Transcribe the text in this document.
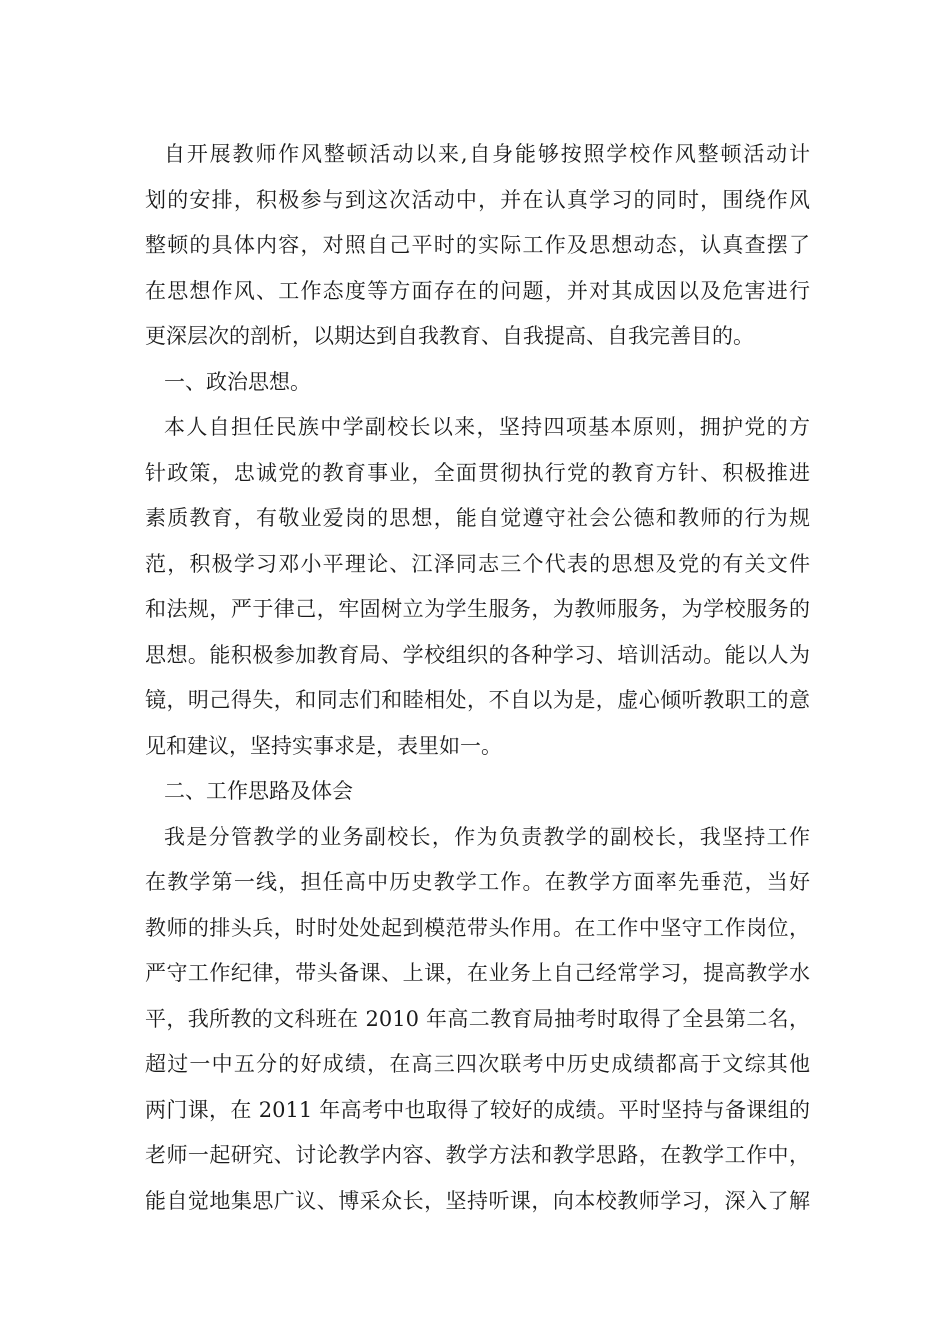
自开展教师作风整顿活动以来,自身能够按照学校作风整顿活动计
划的安排，积极参与到这次活动中，并在认真学习的同时，围绕作风
整顿的具体内容，对照自己平时的实际工作及思想动态，认真查摆了
在思想作风、工作态度等方面存在的问题，并对其成因以及危害进行
更深层次的剖析，以期达到自我教育、自我提高、自我完善目的。
一、政治思想。
本人自担任民族中学副校长以来，坚持四项基本原则，拥护党的方
针政策，忠诚党的教育事业，全面贯彻执行党的教育方针、积极推进
素质教育，有敬业爱岗的思想，能自觉遵守社会公德和教师的行为规
范，积极学习邓小平理论、江泽同志三个代表的思想及党的有关文件
和法规，严于律己，牢固树立为学生服务，为教师服务，为学校服务的
思想。能积极参加教育局、学校组织的各种学习、培训活动。能以人为
镜，明己得失，和同志们和睦相处，不自以为是，虚心倾听教职工的意
见和建议，坚持实事求是，表里如一。
二、工作思路及体会
我是分管教学的业务副校长，作为负责教学的副校长，我坚持工作
在教学第一线，担任高中历史教学工作。在教学方面率先垂范，当好
教师的排头兵，时时处处起到模范带头作用。在工作中坚守工作岗位，
严守工作纪律，带头备课、上课，在业务上自己经常学习，提高教学水
平，我所教的文科班在 2010 年高二教育局抽考时取得了全县第二名，
超过一中五分的好成绩，在高三四次联考中历史成绩都高于文综其他
两门课，在 2011 年高考中也取得了较好的成绩。平时坚持与备课组的
老师一起研究、讨论教学内容、教学方法和教学思路，在教学工作中，
能自觉地集思广议、博采众长，坚持听课，向本校教师学习，深入了解
